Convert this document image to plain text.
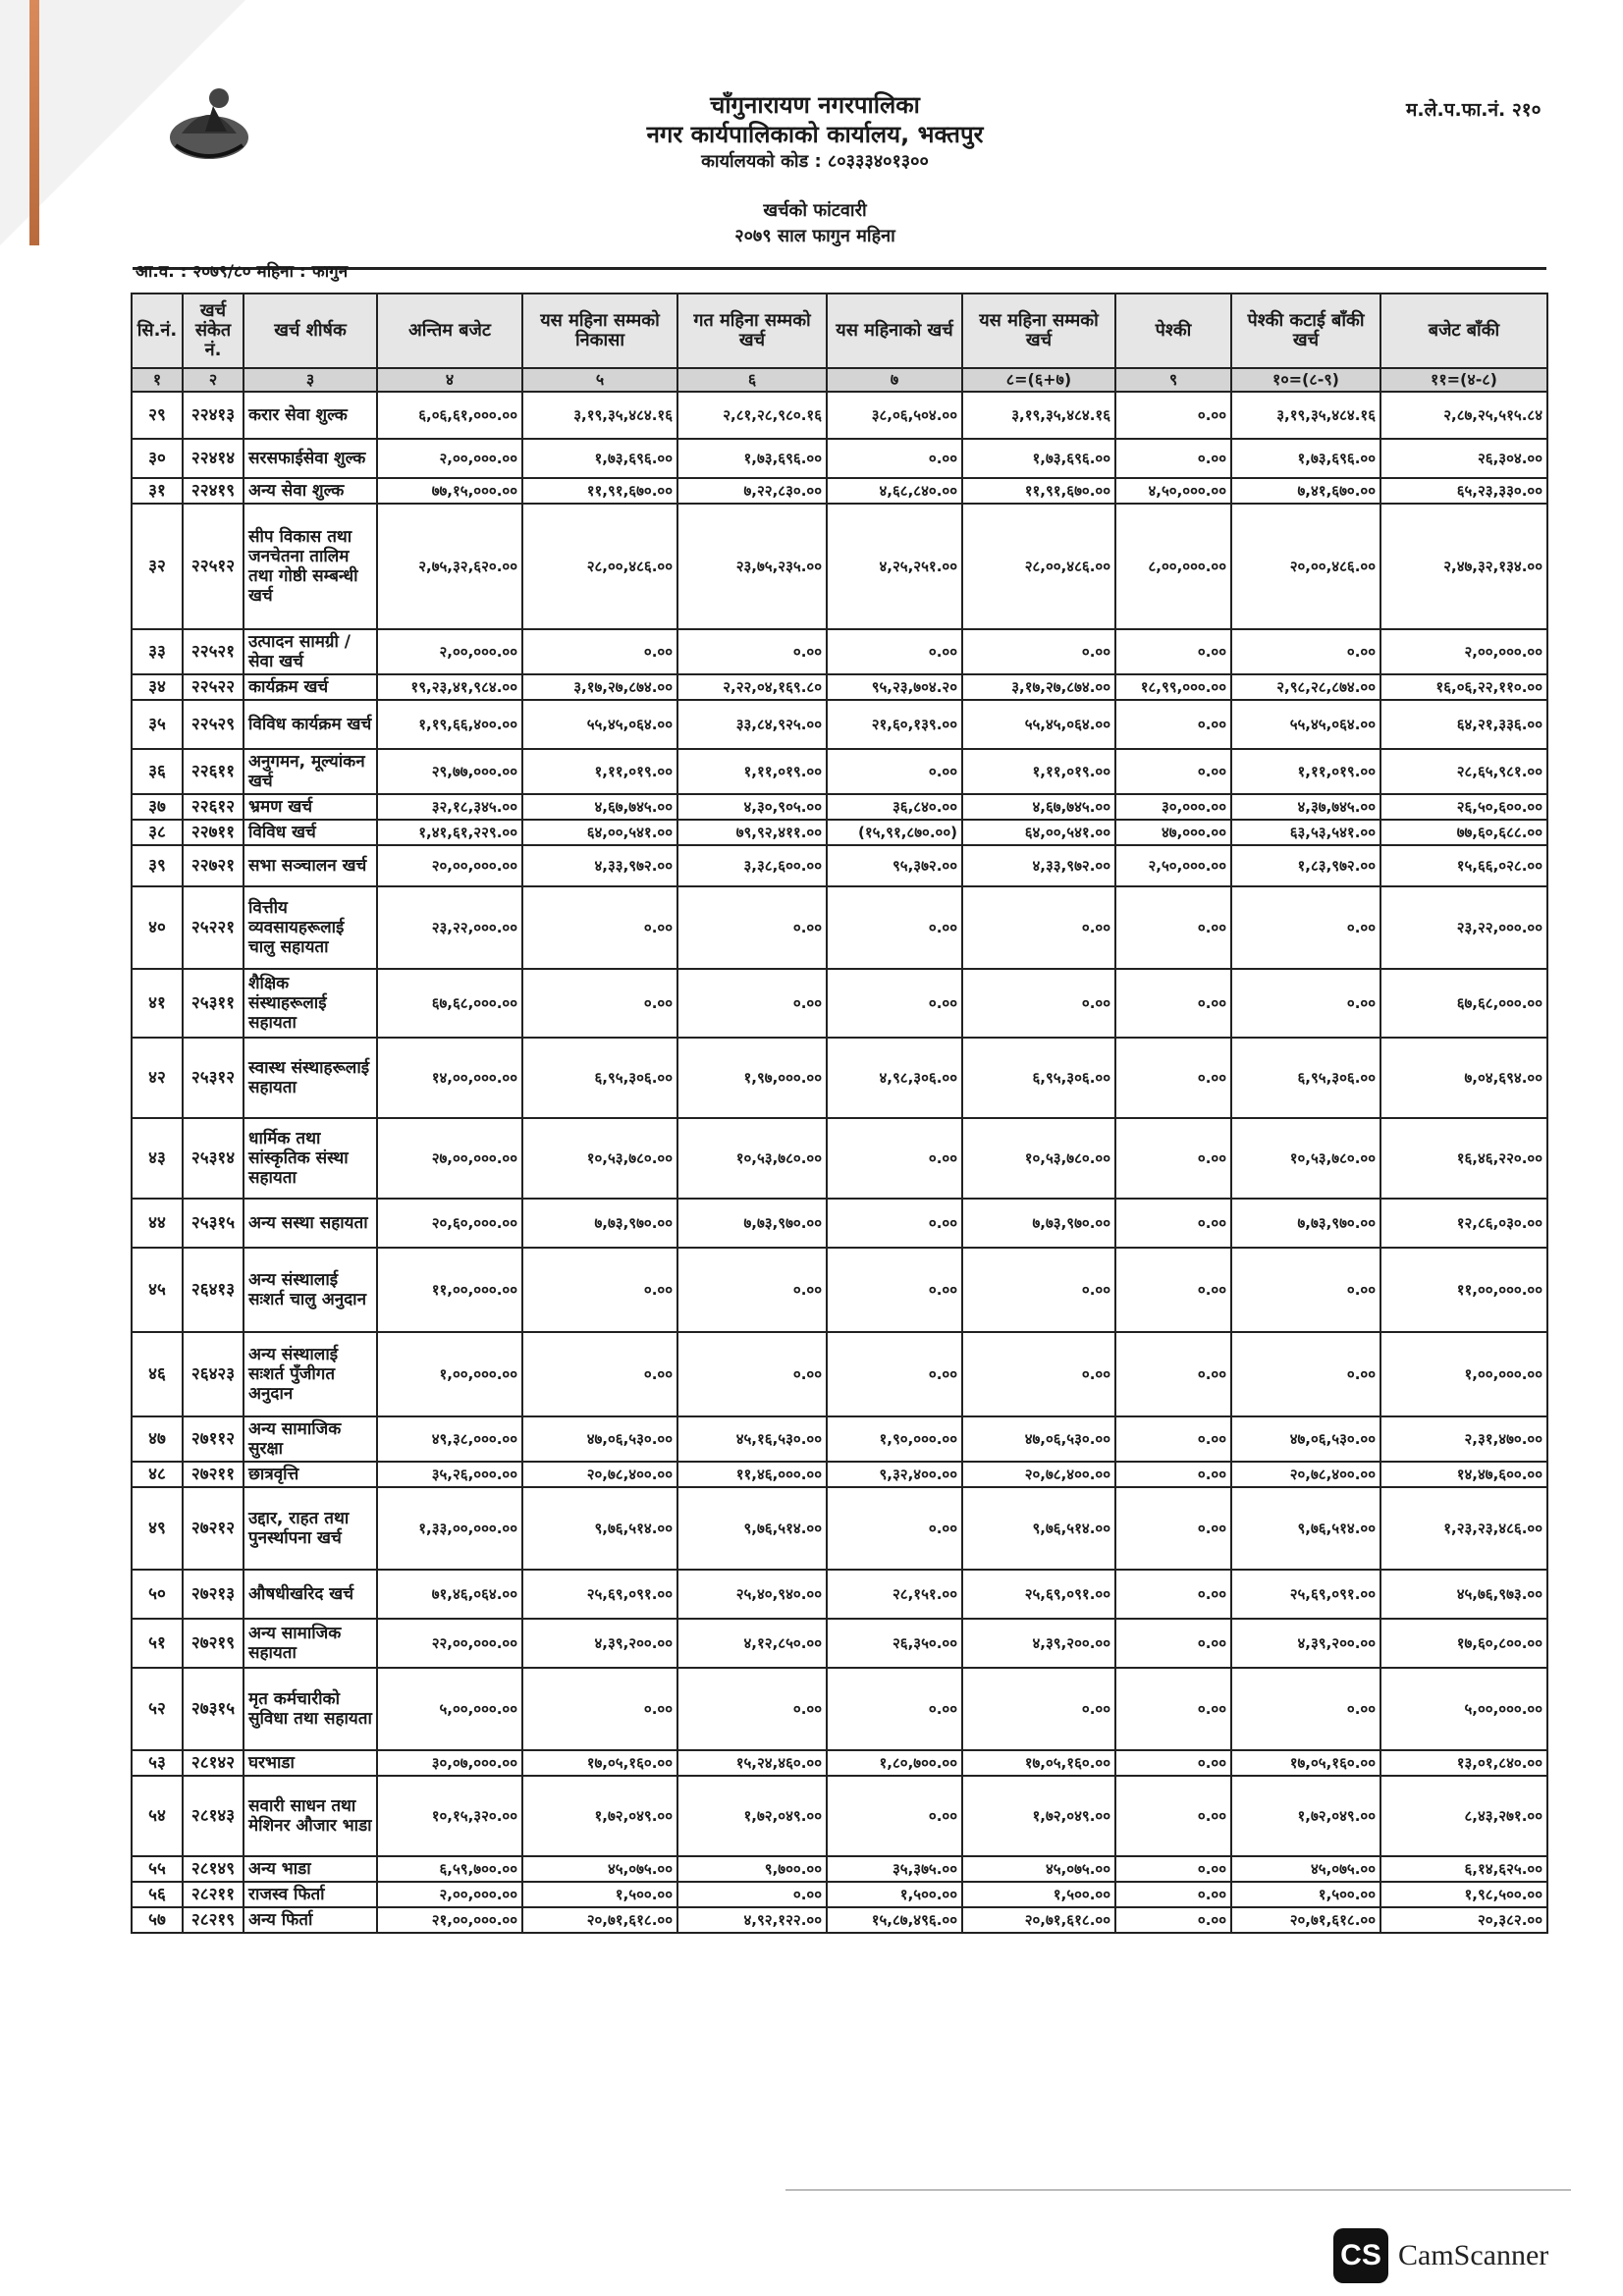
चाँगुनारायण नगरपालिका
नगर कार्यपालिकाको कार्यालय, भक्तपुर
कार्यालयको कोड : ८०३३३४०१३००
म.ले.प.फा.नं. २१०
खर्चको फांटवारी
२०७९ साल फागुन महिना
आ.व. : २०७९/८० महिना : फागुन
सि.नं.	खर्च संकेत नं.	खर्च शीर्षक	अन्तिम बजेट	यस महिना सम्मको निकासा	गत महिना सम्मको खर्च	यस महिनाको खर्च	यस महिना सम्मको खर्च	पेश्की	पेश्की कटाई बाँकी खर्च	बजेट बाँकी
१	२	३	४	५	६	७	८=(६+७)	९	१०=(८-९)	११=(४-८)
२९	२२४१३	करार सेवा शुल्क	६,०६,६१,०००.००	३,१९,३५,४८४.१६	२,८१,२८,९८०.१६	३८,०६,५०४.००	३,१९,३५,४८४.१६	०.००	३,१९,३५,४८४.१६	२,८७,२५,५१५.८४
३०	२२४१४	सरसफाईसेवा शुल्क	२,००,०००.००	१,७३,६९६.००	१,७३,६९६.००	०.००	१,७३,६९६.००	०.००	१,७३,६९६.००	२६,३०४.००
३१	२२४१९	अन्य सेवा शुल्क	७७,१५,०००.००	११,९१,६७०.००	७,२२,८३०.००	४,६८,८४०.००	११,९१,६७०.००	४,५०,०००.००	७,४१,६७०.००	६५,२३,३३०.००
३२	२२५१२	सीप विकास तथा जनचेतना तालिम तथा गोष्ठी सम्बन्धी खर्च	२,७५,३२,६२०.००	२८,००,४८६.००	२३,७५,२३५.००	४,२५,२५१.००	२८,००,४८६.००	८,००,०००.००	२०,००,४८६.००	२,४७,३२,१३४.००
३३	२२५२१	उत्पादन सामग्री / सेवा खर्च	२,००,०००.००	०.००	०.००	०.००	०.००	०.००	०.००	२,००,०००.००
३४	२२५२२	कार्यक्रम खर्च	१९,२३,४१,९८४.००	३,१७,२७,८७४.००	२,२२,०४,१६९.८०	९५,२३,७०४.२०	३,१७,२७,८७४.००	१८,९९,०००.००	२,९८,२८,८७४.००	१६,०६,२२,११०.००
३५	२२५२९	विविध कार्यक्रम खर्च	१,१९,६६,४००.००	५५,४५,०६४.००	३३,८४,९२५.००	२१,६०,१३९.००	५५,४५,०६४.००	०.००	५५,४५,०६४.००	६४,२१,३३६.००
३६	२२६११	अनुगमन, मूल्यांकन खर्च	२९,७७,०००.००	१,११,०१९.००	१,११,०१९.००	०.००	१,११,०१९.००	०.००	१,११,०१९.००	२८,६५,९८१.००
३७	२२६१२	भ्रमण खर्च	३२,१८,३४५.००	४,६७,७४५.००	४,३०,९०५.००	३६,८४०.००	४,६७,७४५.००	३०,०००.००	४,३७,७४५.००	२६,५०,६००.००
३८	२२७११	विविध खर्च	१,४१,६१,२२९.००	६४,००,५४१.००	७९,९२,४११.००	(१५,९१,८७०.००)	६४,००,५४१.००	४७,०००.००	६३,५३,५४१.००	७७,६०,६८८.००
३९	२२७२१	सभा सञ्चालन खर्च	२०,००,०००.००	४,३३,९७२.००	३,३८,६००.००	९५,३७२.००	४,३३,९७२.००	२,५०,०००.००	१,८३,९७२.००	१५,६६,०२८.००
४०	२५२२१	वित्तीय व्यवसायहरूलाई चालु सहायता	२३,२२,०००.००	०.००	०.००	०.००	०.००	०.००	०.००	२३,२२,०००.००
४१	२५३११	शैक्षिक संस्थाहरूलाई सहायता	६७,६८,०००.००	०.००	०.००	०.००	०.००	०.००	०.००	६७,६८,०००.००
४२	२५३१२	स्वास्थ संस्थाहरूलाई सहायता	१४,००,०००.००	६,९५,३०६.००	१,९७,०००.००	४,९८,३०६.००	६,९५,३०६.००	०.००	६,९५,३०६.००	७,०४,६९४.००
४३	२५३१४	धार्मिक तथा सांस्कृतिक संस्था सहायता	२७,००,०००.००	१०,५३,७८०.००	१०,५३,७८०.००	०.००	१०,५३,७८०.००	०.००	१०,५३,७८०.००	१६,४६,२२०.००
४४	२५३१५	अन्य सस्था सहायता	२०,६०,०००.००	७,७३,९७०.००	७,७३,९७०.००	०.००	७,७३,९७०.००	०.००	७,७३,९७०.००	१२,८६,०३०.००
४५	२६४१३	अन्य संस्थालाई सःशर्त चालु अनुदान	११,००,०००.००	०.००	०.००	०.००	०.००	०.००	०.००	११,००,०००.००
४६	२६४२३	अन्य संस्थालाई सःशर्त पुँजीगत अनुदान	१,००,०००.००	०.००	०.००	०.००	०.००	०.००	०.००	१,००,०००.००
४७	२७११२	अन्य सामाजिक सुरक्षा	४९,३८,०००.००	४७,०६,५३०.००	४५,१६,५३०.००	१,९०,०००.००	४७,०६,५३०.००	०.००	४७,०६,५३०.००	२,३१,४७०.००
४८	२७२११	छात्रवृत्ति	३५,२६,०००.००	२०,७८,४००.००	११,४६,०००.००	९,३२,४००.००	२०,७८,४००.००	०.००	२०,७८,४००.००	१४,४७,६००.००
४९	२७२१२	उद्दार, राहत तथा पुनर्स्थापना खर्च	१,३३,००,०००.००	९,७६,५१४.००	९,७६,५१४.००	०.००	९,७६,५१४.००	०.००	९,७६,५१४.००	१,२३,२३,४८६.००
५०	२७२१३	औषधीखरिद खर्च	७१,४६,०६४.००	२५,६९,०९१.००	२५,४०,९४०.००	२८,१५१.००	२५,६९,०९१.००	०.००	२५,६९,०९१.००	४५,७६,९७३.००
५१	२७२१९	अन्य सामाजिक सहायता	२२,००,०००.००	४,३९,२००.००	४,१२,८५०.००	२६,३५०.००	४,३९,२००.००	०.००	४,३९,२००.००	१७,६०,८००.००
५२	२७३१५	मृत कर्मचारीको सुविधा तथा सहायता	५,००,०००.००	०.००	०.००	०.००	०.००	०.००	०.००	५,००,०००.००
५३	२८१४२	घरभाडा	३०,०७,०००.००	१७,०५,१६०.००	१५,२४,४६०.००	१,८०,७००.००	१७,०५,१६०.००	०.००	१७,०५,१६०.००	१३,०१,८४०.००
५४	२८१४३	सवारी साधन तथा मेशिनर औजार भाडा	१०,१५,३२०.००	१,७२,०४९.००	१,७२,०४९.००	०.००	१,७२,०४९.००	०.००	१,७२,०४९.००	८,४३,२७१.००
५५	२८१४९	अन्य भाडा	६,५९,७००.००	४५,०७५.००	९,७००.००	३५,३७५.००	४५,०७५.००	०.००	४५,०७५.००	६,१४,६२५.००
५६	२८२११	राजस्व फिर्ता	२,००,०००.००	१,५००.००	०.००	१,५००.००	१,५००.००	०.००	१,५००.००	१,९८,५००.००
५७	२८२१९	अन्य फिर्ता	२१,००,०००.००	२०,७१,६१८.००	४,९२,१२२.००	१५,८७,४९६.००	२०,७१,६१८.००	०.००	२०,७१,६१८.००	२०,३८२.००
CS CamScanner
